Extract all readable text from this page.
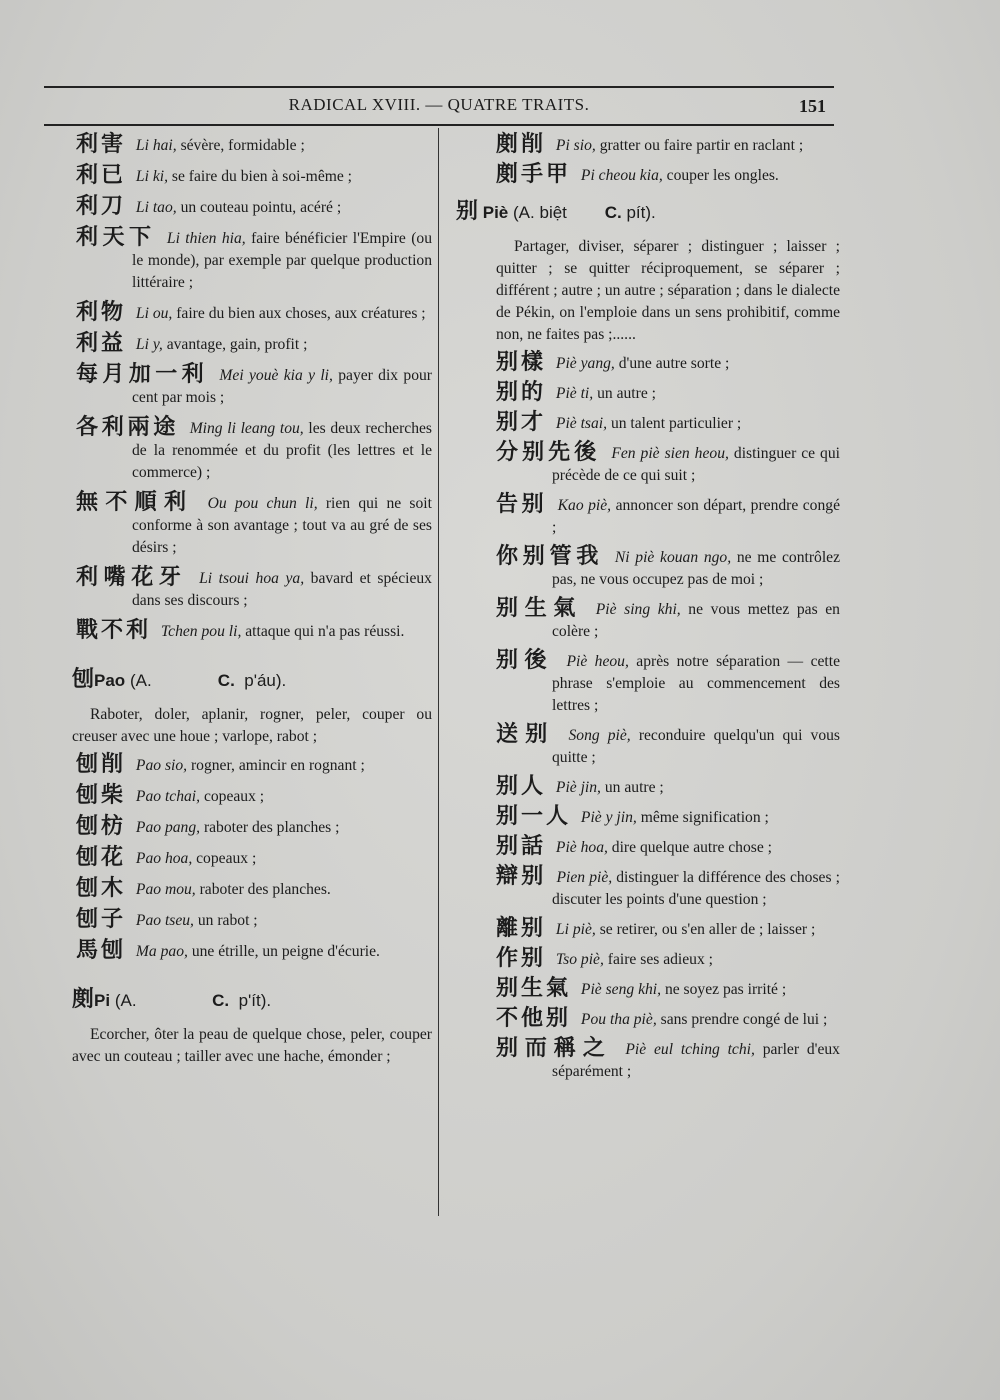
RADICAL XVIII. — QUATRE TRAITS.	151
利害 Li hai, sévère, formidable ;
利已 Li ki, se faire du bien à soi-même ;
利刀 Li tao, un couteau pointu, acéré ;
利天下 Li thien hia, faire bénéficier l'Empire (ou le monde), par exemple par quelque production littéraire ;
利物 Li ou, faire du bien aux choses, aux créatures ;
利益 Li y, avantage, gain, profit ;
每月加一利 Mei youè kia y li, payer dix pour cent par mois ;
各利兩途 Ming li leang tou, les deux recherches de la renommée et du profit (les lettres et le commerce) ;
無不順利 Ou pou chun li, rien qui ne soit conforme à son avantage ; tout va au gré de ses désirs ;
利嘴花牙 Li tsoui hoa ya, bavard et spécieux dans ses discours ;
戰不利 Tchen pou li, attaque qui n'a pas réussi.
刨Pao (A.	C. p'áu).
Raboter, doler, aplanir, rogner, peler, couper ou creuser avec une houe ; varlope, rabot ;
刨削 Pao sio, rogner, amincir en rognant ;
刨柴 Pao tchai, copeaux ;
刨枋 Pao pang, raboter des planches ;
刨花 Pao hoa, copeaux ;
刨木 Pao mou, raboter des planches.
刨子 Pao tseu, un rabot ;
馬刨 Ma pao, une étrille, un peigne d'écurie.
剫Pi (A.	C. p'ít).
Ecorcher, ôter la peau de quelque chose, peler, couper avec un couteau ; tailler avec une hache, émonder ;
剫削 Pi sio, gratter ou faire partir en raclant ;
剫手甲 Pi cheou kia, couper les ongles.
别 Piè (A. biệt C. pít).
Partager, diviser, séparer ; distinguer ; laisser ; quitter ; se quitter réciproquement, se séparer ; différent ; autre ; un autre ; séparation ; dans le dialecte de Pékin, on l'emploie dans un sens prohibitif, comme non, ne faites pas ;......
别樣 Piè yang, d'une autre sorte ;
别的 Piè ti, un autre ;
别才 Piè tsai, un talent particulier ;
分别先後 Fen piè sien heou, distinguer ce qui précède de ce qui suit ;
告别 Kao piè, annoncer son départ, prendre congé ;
你别管我 Ni piè kouan ngo, ne me contrôlez pas, ne vous occupez pas de moi ;
别生氣 Piè sing khi, ne vous mettez pas en colère ;
别後 Piè heou, après notre séparation — cette phrase s'emploie au commencement des lettres ;
送别 Song piè, reconduire quelqu'un qui vous quitte ;
别人 Piè jin, un autre ;
别一人 Piè y jin, même signification ;
别話 Piè hoa, dire quelque autre chose ;
辯别 Pien piè, distinguer la différence des choses ; discuter les points d'une question ;
離别 Li piè, se retirer, ou s'en aller de ; laisser ;
作别 Tso piè, faire ses adieux ;
别生氣 Piè seng khi, ne soyez pas irrité ;
不他别 Pou tha piè, sans prendre congé de lui ;
别而稱之 Piè eul tching tchi, parler d'eux séparément ;
